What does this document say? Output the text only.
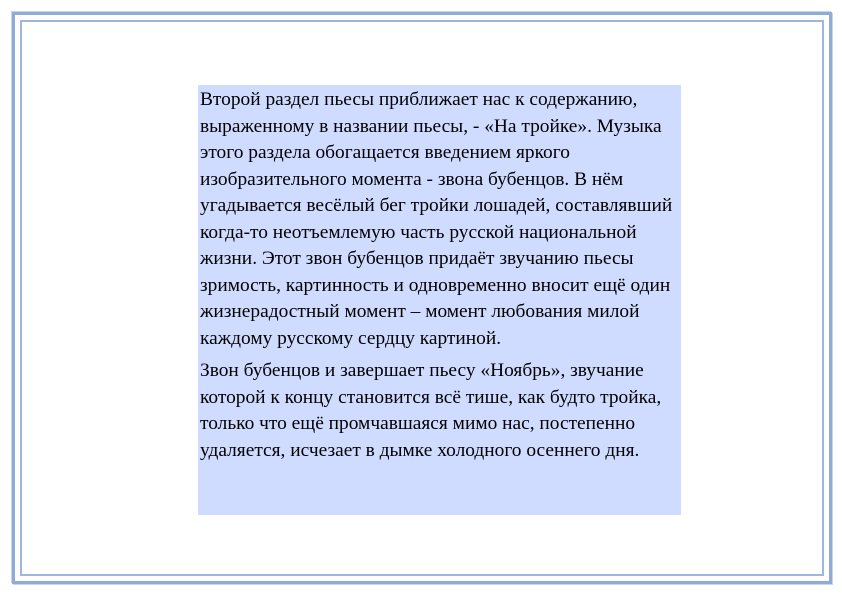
Второй раздел пьесы приближает нас к содержанию, выраженному в названии пьесы, - «На тройке». Музыка этого раздела обогащается введением яркого изобразительного момента - звона бубенцов. В нём угадывается весёлый бег тройки лошадей, составлявший когда-то неотъемлемую часть русской национальной жизни. Этот звон бубенцов придаёт звучанию пьесы зримость, картинность и одновременно вносит ещё один жизнерадостный момент – момент любования милой каждому русскому сердцу картиной.

Звон бубенцов и завершает пьесу «Ноябрь», звучание которой к концу становится всё тише, как будто тройка, только что ещё промчавшаяся мимо нас, постепенно удаляется, исчезает в дымке холодного осеннего дня.
